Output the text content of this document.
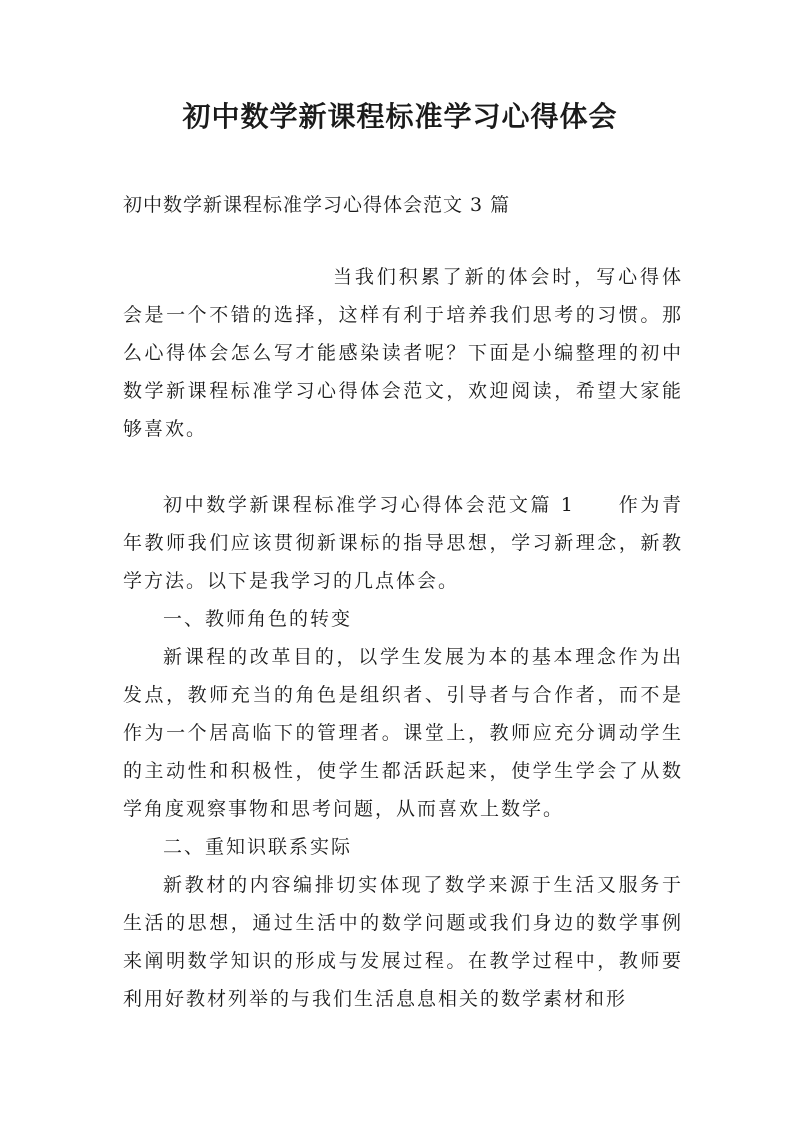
初中数学新课程标准学习心得体会

初中数学新课程标准学习心得体会范文 3 篇

当我们积累了新的体会时，写心得体会是一个不错的选择，这样有利于培养我们思考的习惯。那么心得体会怎么写才能感染读者呢？下面是小编整理的初中数学新课程标准学习心得体会范文，欢迎阅读，希望大家能够喜欢。

初中数学新课程标准学习心得体会范文篇 1　　作为青年教师我们应该贯彻新课标的指导思想，学习新理念，新教学方法。以下是我学习的几点体会。

一、教师角色的转变

新课程的改革目的，以学生发展为本的基本理念作为出发点，教师充当的角色是组织者、引导者与合作者，而不是作为一个居高临下的管理者。课堂上，教师应充分调动学生的主动性和积极性，使学生都活跃起来，使学生学会了从数学角度观察事物和思考问题，从而喜欢上数学。

二、重知识联系实际

新教材的内容编排切实体现了数学来源于生活又服务于生活的思想，通过生活中的数学问题或我们身边的数学事例来阐明数学知识的形成与发展过程。在教学过程中，教师要利用好教材列举的与我们生活息息相关的数学素材和形
